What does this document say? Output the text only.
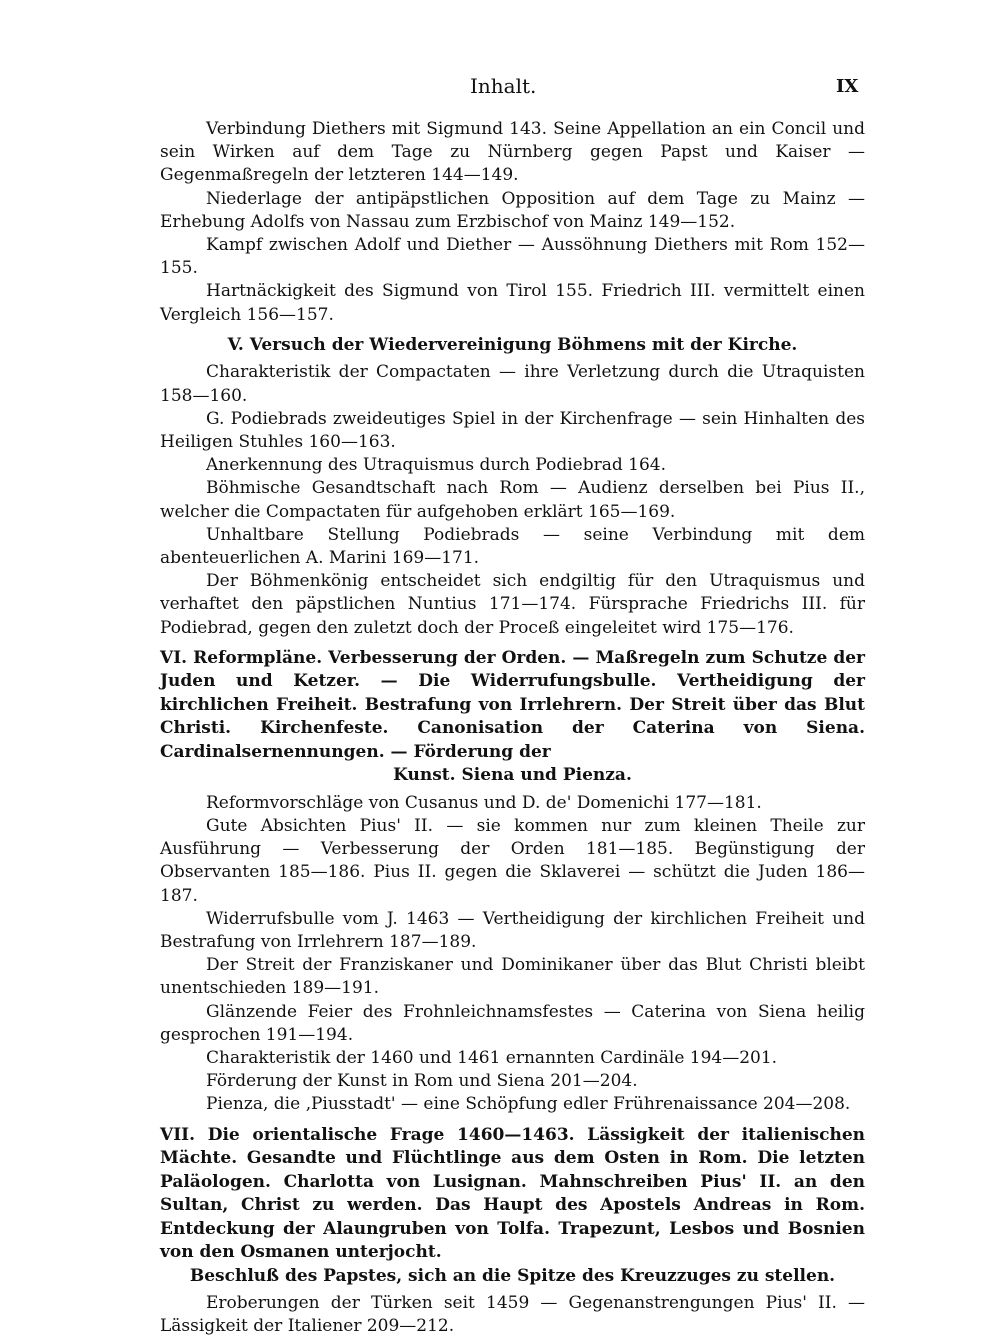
Inhalt.	IX

Verbindung Diethers mit Sigmund 143. Seine Appellation an ein Concil und sein Wirken auf dem Tage zu Nürnberg gegen Papst und Kaiser — Gegenmaßregeln der letzteren 144—149.

Niederlage der antipäpstlichen Opposition auf dem Tage zu Mainz — Erhebung Adolfs von Nassau zum Erzbischof von Mainz 149—152.

Kampf zwischen Adolf und Diether — Aussöhnung Diethers mit Rom 152—155.

Hartnäckigkeit des Sigmund von Tirol 155. Friedrich III. vermittelt einen Vergleich 156—157.

V. Versuch der Wiedervereinigung Böhmens mit der Kirche.

Charakteristik der Compactaten — ihre Verletzung durch die Utraquisten 158—160.

G. Podiebrads zweideutiges Spiel in der Kirchenfrage — sein Hinhalten des Heiligen Stuhles 160—163.

Anerkennung des Utraquismus durch Podiebrad 164.

Böhmische Gesandtschaft nach Rom — Audienz derselben bei Pius II., welcher die Compactaten für aufgehoben erklärt 165—169.

Unhaltbare Stellung Podiebrads — seine Verbindung mit dem abenteuerlichen A. Marini 169—171.

Der Böhmenkönig entscheidet sich endgiltig für den Utraquismus und verhaftet den päpstlichen Nuntius 171—174. Fürsprache Friedrichs III. für Podiebrad, gegen den zuletzt doch der Proceß eingeleitet wird 175—176.

VI. Reformpläne. Verbesserung der Orden. — Maßregeln zum Schutze der Juden und Ketzer. — Die Widerrufungsbulle. Vertheidigung der kirchlichen Freiheit. Bestrafung von Irrlehrern. Der Streit über das Blut Christi. Kirchenfeste. Canonisation der Caterina von Siena. Cardinalsernennungen. — Förderung der
Kunst. Siena und Pienza.

Reformvorschläge von Cusanus und D. de' Domenichi 177—181.

Gute Absichten Pius' II. — sie kommen nur zum kleinen Theile zur Ausführung — Verbesserung der Orden 181—185. Begünstigung der Observanten 185—186. Pius II. gegen die Sklaverei — schützt die Juden 186—187.

Widerrufsbulle vom J. 1463 — Vertheidigung der kirchlichen Freiheit und Bestrafung von Irrlehrern 187—189.

Der Streit der Franziskaner und Dominikaner über das Blut Christi bleibt unentschieden 189—191.

Glänzende Feier des Frohnleichnamsfestes — Caterina von Siena heilig gesprochen 191—194.

Charakteristik der 1460 und 1461 ernannten Cardinäle 194—201.

Förderung der Kunst in Rom und Siena 201—204.

Pienza, die ‚Piusstadt' — eine Schöpfung edler Frührenaissance 204—208.

VII. Die orientalische Frage 1460—1463. Lässigkeit der italienischen Mächte. Gesandte und Flüchtlinge aus dem Osten in Rom. Die letzten Paläologen. Charlotta von Lusignan. Mahnschreiben Pius' II. an den Sultan, Christ zu werden. Das Haupt des Apostels Andreas in Rom. Entdeckung der Alaungruben von Tolfa. Trapezunt, Lesbos und Bosnien von den Osmanen unterjocht.
Beschluß des Papstes, sich an die Spitze des Kreuzzuges zu stellen.

Eroberungen der Türken seit 1459 — Gegenanstrengungen Pius' II. — Lässigkeit der Italiener 209—212.
